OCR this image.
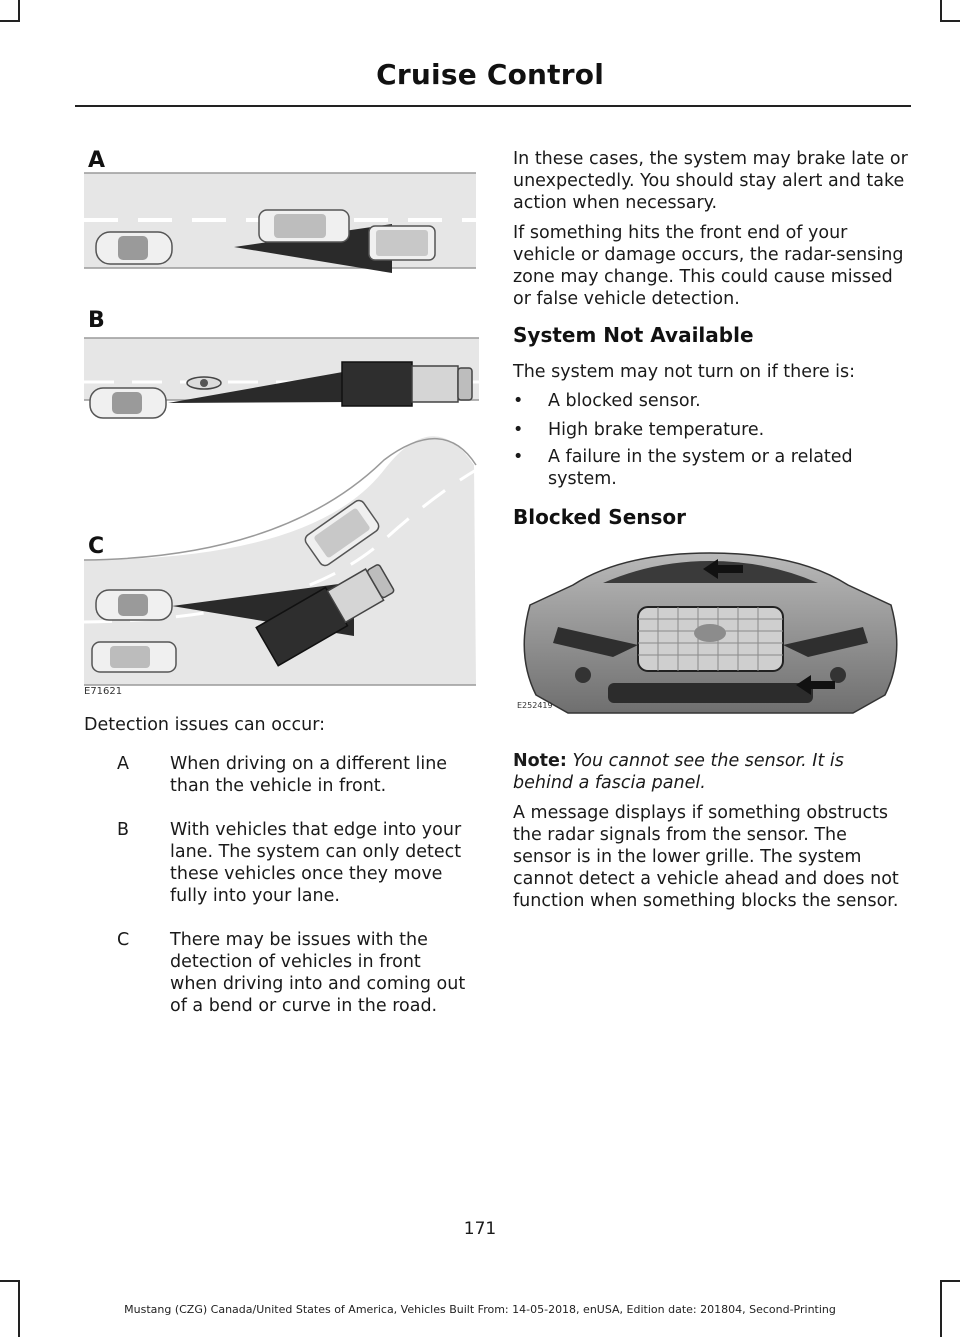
Cruise Control
A
B
C
E71621
Detection issues can occur:
A When driving on a different line than the vehicle in front.
B With vehicles that edge into your lane. The system can only detect these vehicles once they move fully into your lane.
C There may be issues with the detection of vehicles in front when driving into and coming out of a bend or curve in the road.
In these cases, the system may brake late or unexpectedly. You should stay alert and take action when necessary.
If something hits the front end of your vehicle or damage occurs, the radar-sensing zone may change. This could cause missed or false vehicle detection.
System Not Available
The system may not turn on if there is:
• A blocked sensor.
• High brake temperature.
• A failure in the system or a related system.
Blocked Sensor
E252419
Note: You cannot see the sensor. It is behind a fascia panel.
A message displays if something obstructs the radar signals from the sensor. The sensor is in the lower grille. The system cannot detect a vehicle ahead and does not function when something blocks the sensor.
171
Mustang (CZG) Canada/United States of America, Vehicles Built From: 14-05-2018, enUSA, Edition date: 201804, Second-Printing
